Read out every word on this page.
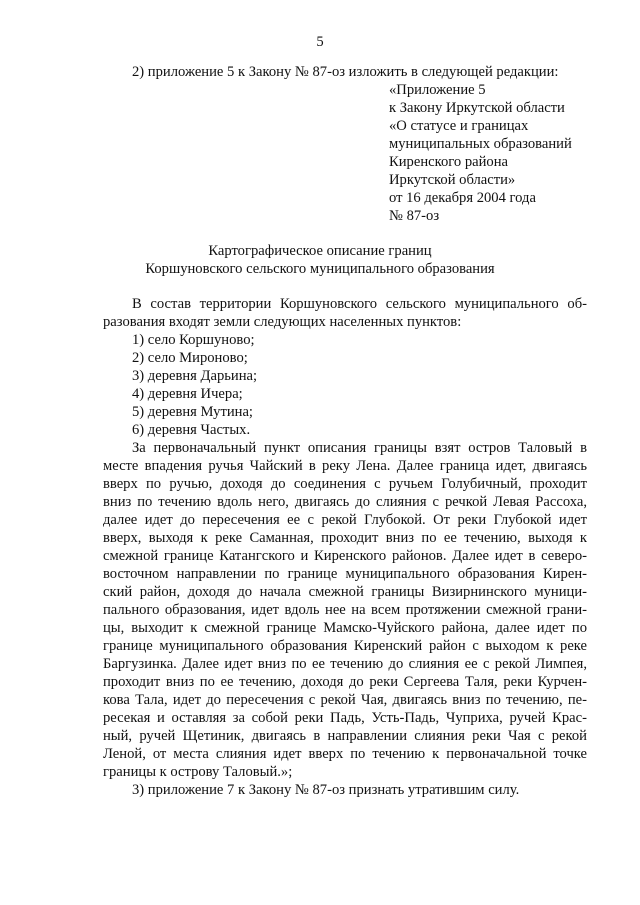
5
2) приложение 5 к Закону № 87-оз изложить в следующей редакции:
«Приложение 5
к Закону Иркутской области
«О статусе и границах
муниципальных образований
Киренского района
Иркутской области»
от 16 декабря 2004 года
№ 87-оз
Картографическое описание границ
Коршуновского сельского муниципального образования
В состав территории Коршуновского сельского муниципального об-
разования входят земли следующих населенных пунктов:
1) село Коршуново;
2) село Мироново;
3) деревня Дарьина;
4) деревня Ичера;
5) деревня Мутина;
6) деревня Частых.
За первоначальный пункт описания границы взят остров Таловый в
месте впадения ручья Чайский в реку Лена. Далее граница идет, двигаясь
вверх по ручью, доходя до соединения с ручьем Голубичный, проходит
вниз по течению вдоль него, двигаясь до слияния с речкой Левая Рассоха,
далее идет до пересечения ее с рекой Глубокой. От реки Глубокой идет
вверх, выходя к реке Саманная, проходит вниз по ее течению, выходя к
смежной границе Катангского и Киренского районов. Далее идет в северо-
восточном направлении по границе муниципального образования Кирен-
ский район, доходя до начала смежной границы Визирнинского муници-
пального образования, идет вдоль нее на всем протяжении смежной грани-
цы, выходит к смежной границе Мамско-Чуйского района, далее идет по
границе муниципального образования Киренский район с выходом к реке
Баргузинка. Далее идет вниз по ее течению до слияния ее с рекой Лимпея,
проходит вниз по ее течению, доходя до реки Сергеева Таля, реки Курчен-
кова Тала, идет до пересечения с рекой Чая, двигаясь вниз по течению, пе-
ресекая и оставляя за собой реки Падь, Усть-Падь, Чуприха, ручей Крас-
ный, ручей Щетиник, двигаясь в направлении слияния реки Чая с рекой
Леной, от места слияния идет вверх по течению к первоначальной точке
границы к острову Таловый.»;
3) приложение 7 к Закону № 87-оз признать утратившим силу.
